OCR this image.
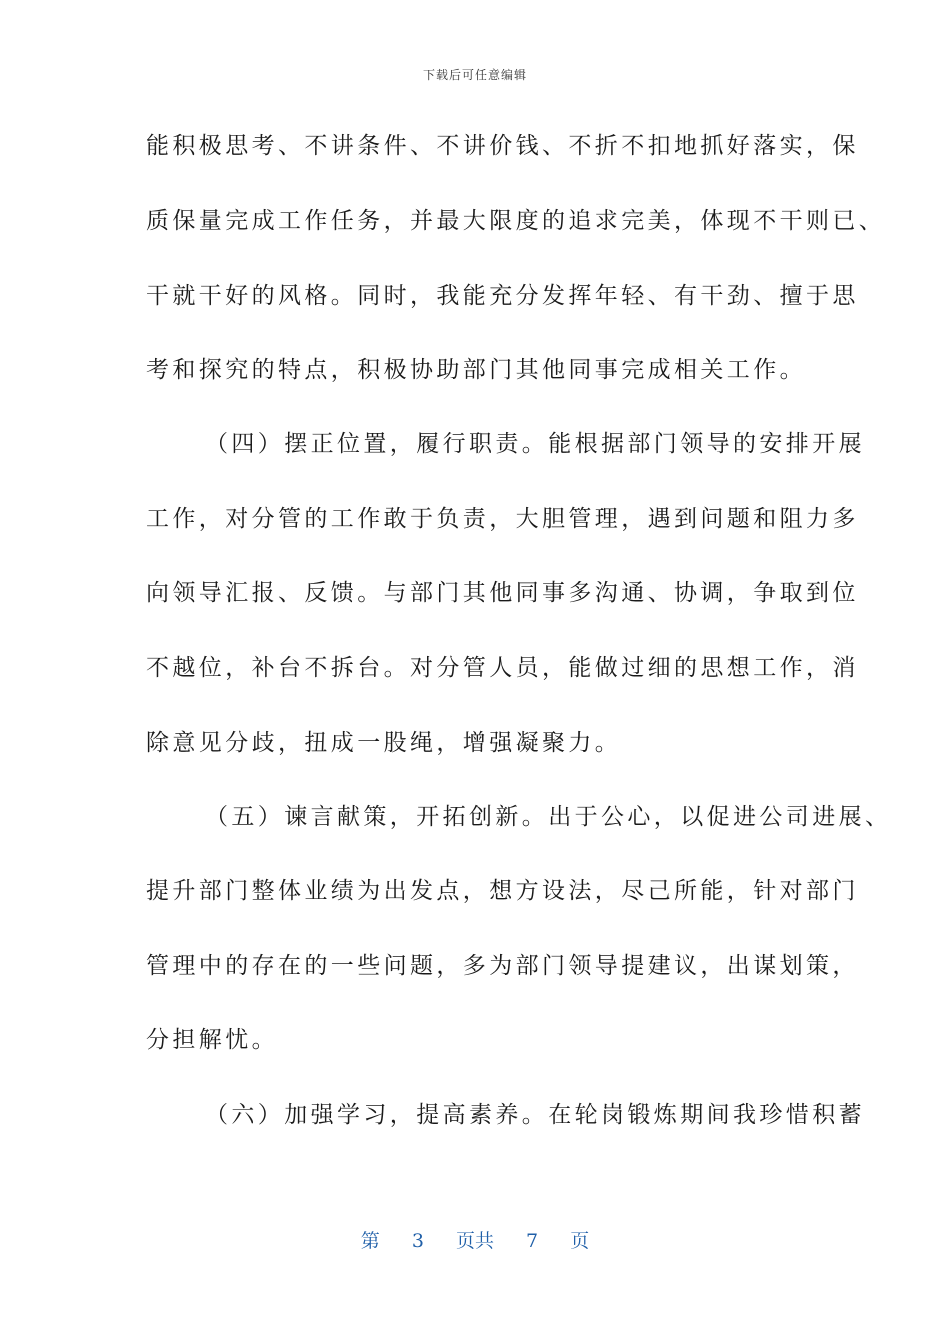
下载后可任意编辑
能积极思考、不讲条件、不讲价钱、不折不扣地抓好落实，保
质保量完成工作任务，并最大限度的追求完美，体现不干则已、
干就干好的风格。同时，我能充分发挥年轻、有干劲、擅于思
考和探究的特点，积极协助部门其他同事完成相关工作。
（四）摆正位置，履行职责。能根据部门领导的安排开展
工作，对分管的工作敢于负责，大胆管理，遇到问题和阻力多
向领导汇报、反馈。与部门其他同事多沟通、协调，争取到位
不越位，补台不拆台。对分管人员，能做过细的思想工作，消
除意见分歧，扭成一股绳，增强凝聚力。
（五）谏言献策，开拓创新。出于公心，以促进公司进展、
提升部门整体业绩为出发点，想方设法，尽己所能，针对部门
管理中的存在的一些问题，多为部门领导提建议，出谋划策，
分担解忧。
（六）加强学习，提高素养。在轮岗锻炼期间我珍惜积蓄
第 3 页共 7 页
